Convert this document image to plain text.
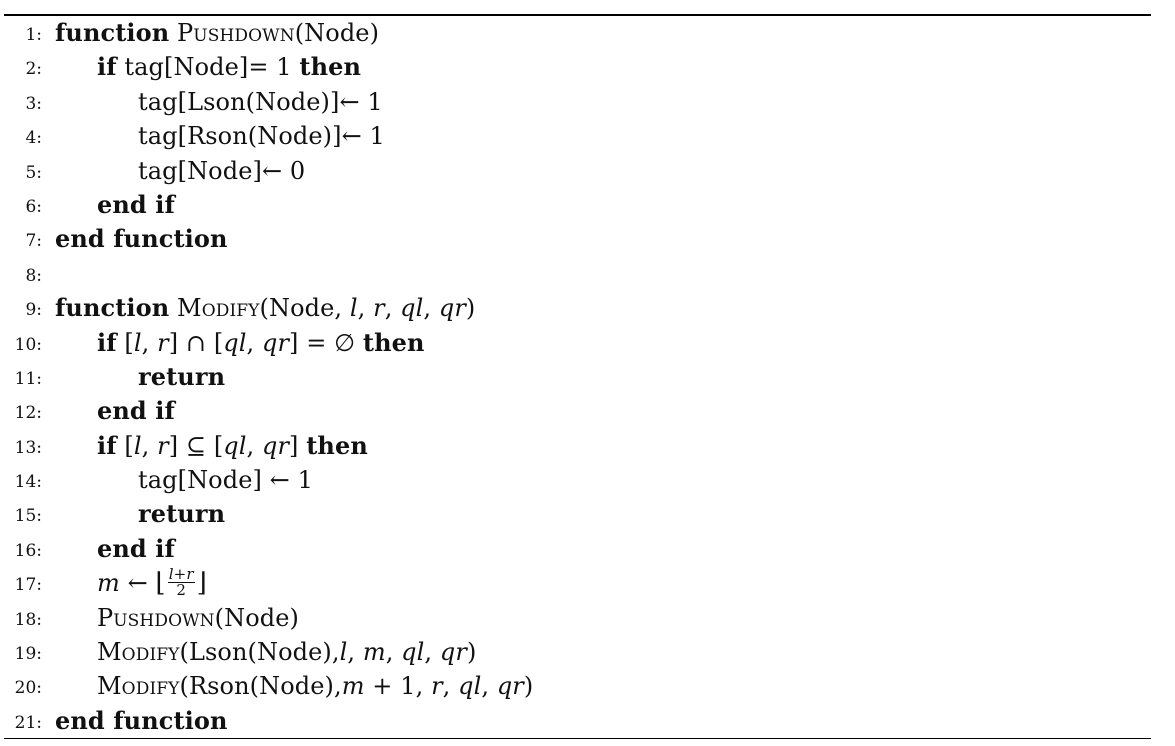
1: function Pushdown(Node)
2: if tag[Node]= 1 then
3:	tag[Lson(Node)]← 1
4:	tag[Rson(Node)]← 1
5:	tag[Node]← 0
6: end if
7: end function
8:
9: function Modify(Node, l, r, ql, qr)
10: if [l, r] ∩ [ql, qr] = ∅ then
11:	return
12: end if
13: if [l, r] ⊆ [ql, qr] then
14:	tag[Node] ← 1
15:	return
16: end if
17: m ← ⌊ $\frac{l+r}{2}$ ⌋
18: Pushdown(Node)
19: Modify(Lson(Node),l, m, ql, qr)
20: Modify(Rson(Node),m + 1, r, ql, qr)
21: end function
